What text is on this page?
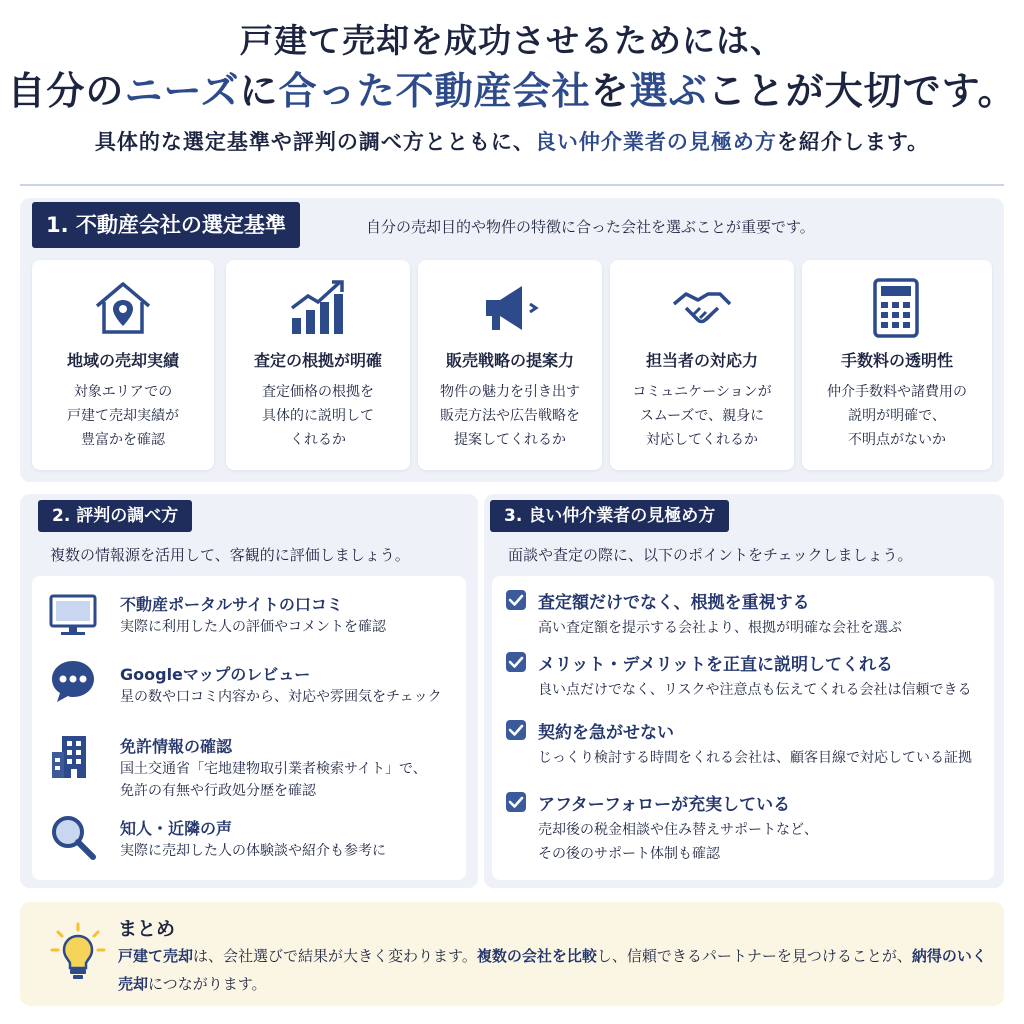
戸建て売却を成功させるためには、
自分のニーズに合った不動産会社を選ぶことが大切です。
具体的な選定基準や評判の調べ方とともに、良い仲介業者の見極め方を紹介します。
1. 不動産会社の選定基準	自分の売却目的や物件の特徴に合った会社を選ぶことが重要です。
地域の売却実績
対象エリアでの
戸建て売却実績が
豊富かを確認
査定の根拠が明確
査定価格の根拠を
具体的に説明して
くれるか
販売戦略の提案力
物件の魅力を引き出す
販売方法や広告戦略を
提案してくれるか
担当者の対応力
コミュニケーションが
スムーズで、親身に
対応してくれるか
手数料の透明性
仲介手数料や諸費用の
説明が明確で、
不明点がないか
2. 評判の調べ方
複数の情報源を活用して、客観的に評価しましょう。
不動産ポータルサイトの口コミ
実際に利用した人の評価やコメントを確認
Googleマップのレビュー
星の数や口コミ内容から、対応や雰囲気をチェック
免許情報の確認
国土交通省「宅地建物取引業者検索サイト」で、
免許の有無や行政処分歴を確認
知人・近隣の声
実際に売却した人の体験談や紹介も参考に
3. 良い仲介業者の見極め方
面談や査定の際に、以下のポイントをチェックしましょう。
査定額だけでなく、根拠を重視する
高い査定額を提示する会社より、根拠が明確な会社を選ぶ
メリット・デメリットを正直に説明してくれる
良い点だけでなく、リスクや注意点も伝えてくれる会社は信頼できる
契約を急がせない
じっくり検討する時間をくれる会社は、顧客目線で対応している証拠
アフターフォローが充実している
売却後の税金相談や住み替えサポートなど、
その後のサポート体制も確認
まとめ
戸建て売却は、会社選びで結果が大きく変わります。複数の会社を比較し、信頼できるパートナーを見つけることが、納得のいく売却につながります。
